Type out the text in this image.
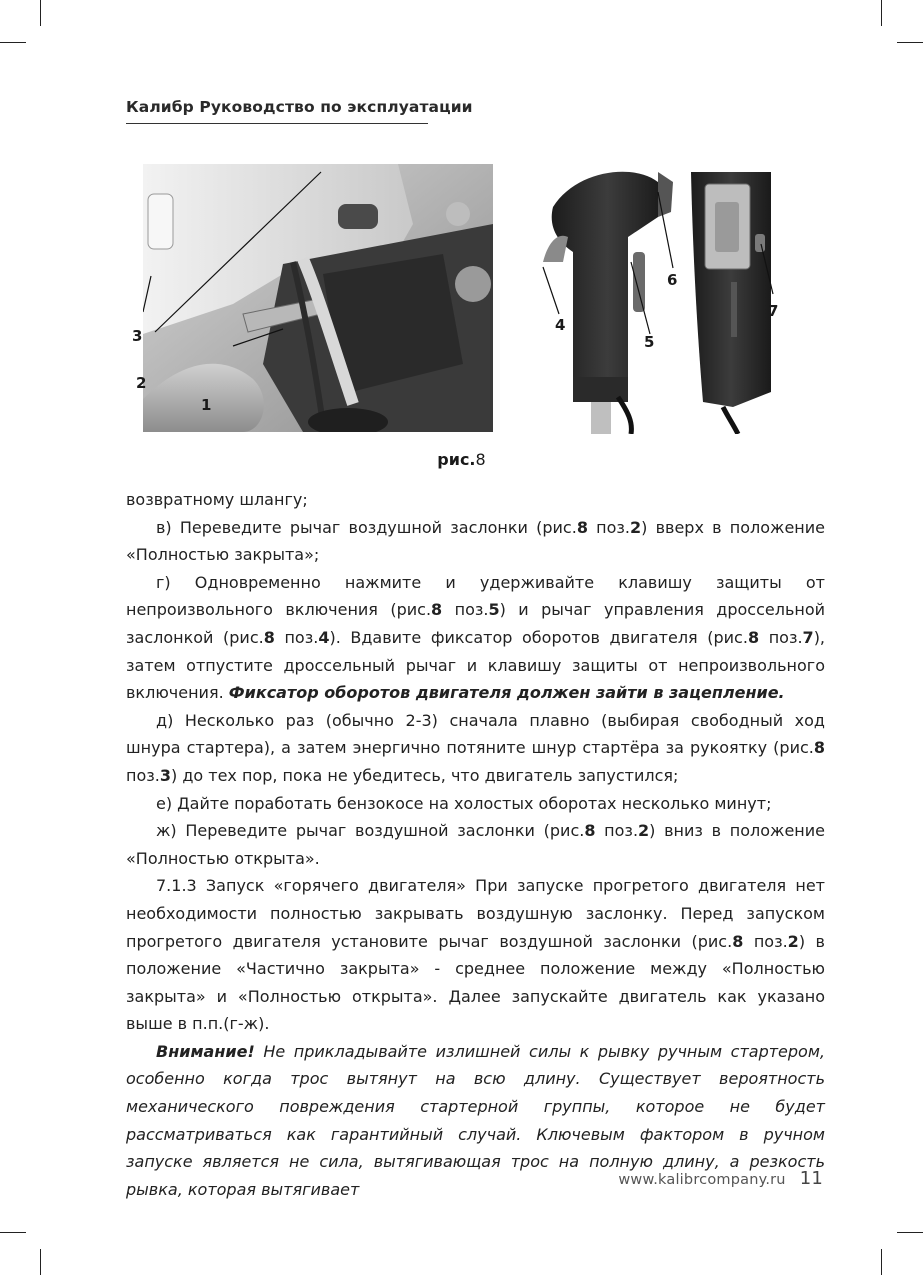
Калибр Руководство по эксплуатации
3
2
1
4
5
6
7
рис.8

возвратному шлангу;

в) Переведите рычаг воздушной заслонки (рис.8 поз.2) вверх в положение «Полностью закрыта»;

г) Одновременно нажмите и удерживайте клавишу защиты от непроизвольного включения (рис.8 поз.5) и рычаг управления дроссельной заслонкой (рис.8 поз.4). Вдавите фиксатор оборотов двигателя (рис.8 поз.7), затем отпустите дроссельный рычаг и клавишу защиты от непроизвольного включения. Фиксатор оборотов двигателя должен зайти в зацепление.

д) Несколько раз (обычно 2-3) сначала плавно (выбирая свободный ход шнура стартера), а затем энергично потяните шнур стартёра за рукоятку (рис.8 поз.3) до тех пор, пока не убедитесь, что двигатель запустился;

е) Дайте поработать бензокосе на холостых оборотах несколько минут;

ж) Переведите рычаг воздушной заслонки (рис.8 поз.2) вниз в положение «Полностью открыта».

7.1.3 Запуск «горячего двигателя» При запуске прогретого двигателя нет необходимости полностью закрывать воздушную заслонку. Перед запуском прогретого двигателя установите рычаг воздушной заслонки (рис.8 поз.2) в положение «Частично закрыта» - среднее положение между «Полностью закрыта» и «Полностью открыта». Далее запускайте двигатель как указано выше в п.п.(г-ж).

Внимание! Не прикладывайте излишней силы к рывку ручным стартером, особенно когда трос вытянут на всю длину. Существует вероятность механического повреждения стартерной группы, которое не будет рассматриваться как гарантийный случай. Ключевым фактором в ручном запуске является не сила, вытягивающая трос на полную длину, а резкость рывка, которая вытягивает	www.kalibrcompany.ru 11
